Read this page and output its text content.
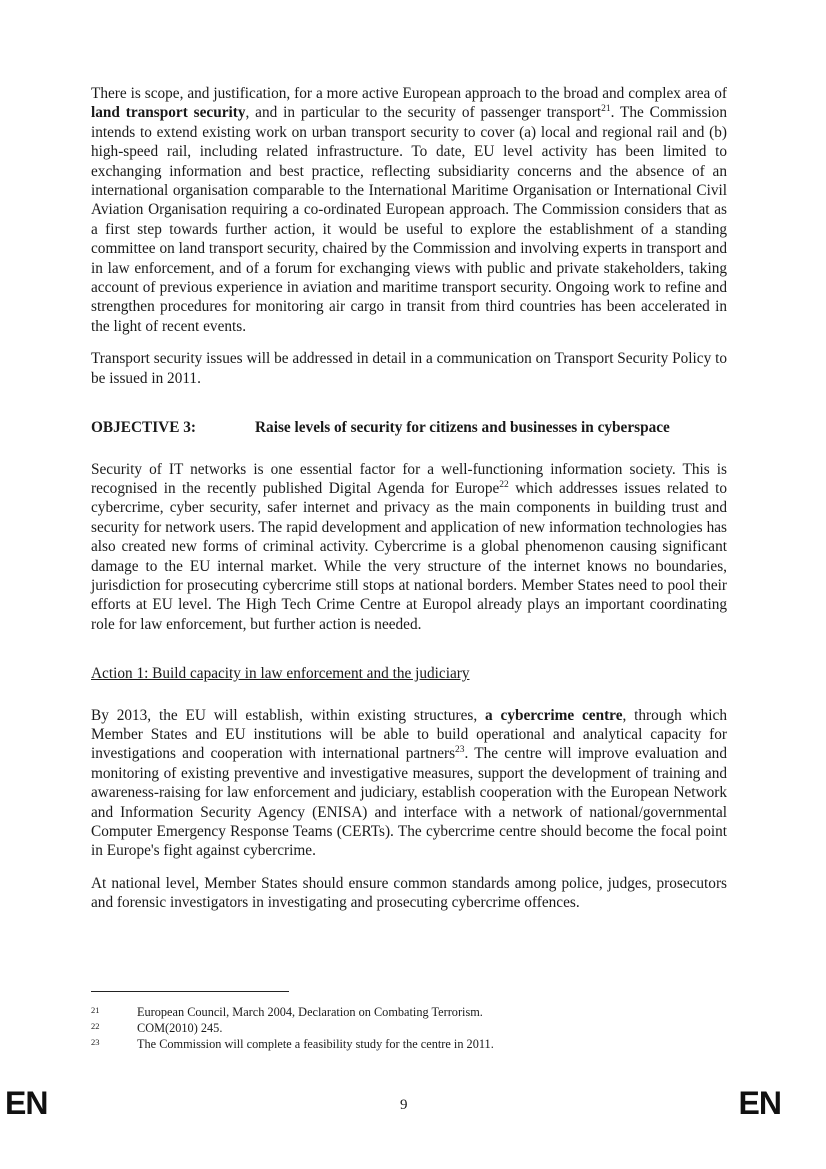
There is scope, and justification, for a more active European approach to the broad and complex area of land transport security, and in particular to the security of passenger transport$^{21}$. The Commission intends to extend existing work on urban transport security to cover (a) local and regional rail and (b) high-speed rail, including related infrastructure. To date, EU level activity has been limited to exchanging information and best practice, reflecting subsidiarity concerns and the absence of an international organisation comparable to the International Maritime Organisation or International Civil Aviation Organisation requiring a co-ordinated European approach. The Commission considers that as a first step towards further action, it would be useful to explore the establishment of a standing committee on land transport security, chaired by the Commission and involving experts in transport and in law enforcement, and of a forum for exchanging views with public and private stakeholders, taking account of previous experience in aviation and maritime transport security. Ongoing work to refine and strengthen procedures for monitoring air cargo in transit from third countries has been accelerated in the light of recent events.

Transport security issues will be addressed in detail in a communication on Transport Security Policy to be issued in 2011.

OBJECTIVE 3:	Raise levels of security for citizens and businesses in cyberspace

Security of IT networks is one essential factor for a well-functioning information society. This is recognised in the recently published Digital Agenda for Europe$^{22}$ which addresses issues related to cybercrime, cyber security, safer internet and privacy as the main components in building trust and security for network users. The rapid development and application of new information technologies has also created new forms of criminal activity. Cybercrime is a global phenomenon causing significant damage to the EU internal market. While the very structure of the internet knows no boundaries, jurisdiction for prosecuting cybercrime still stops at national borders. Member States need to pool their efforts at EU level. The High Tech Crime Centre at Europol already plays an important coordinating role for law enforcement, but further action is needed.

Action 1: Build capacity in law enforcement and the judiciary

By 2013, the EU will establish, within existing structures, a cybercrime centre, through which Member States and EU institutions will be able to build operational and analytical capacity for investigations and cooperation with international partners$^{23}$. The centre will improve evaluation and monitoring of existing preventive and investigative measures, support the development of training and awareness-raising for law enforcement and judiciary, establish cooperation with the European Network and Information Security Agency (ENISA) and interface with a network of national/governmental Computer Emergency Response Teams (CERTs). The cybercrime centre should become the focal point in Europe's fight against cybercrime.

At national level, Member States should ensure common standards among police, judges, prosecutors and forensic investigators in investigating and prosecuting cybercrime offences.

21	European Council, March 2004, Declaration on Combating Terrorism.
22	COM(2010) 245.
23	The Commission will complete a feasibility study for the centre in 2011.
EN	9	EN
